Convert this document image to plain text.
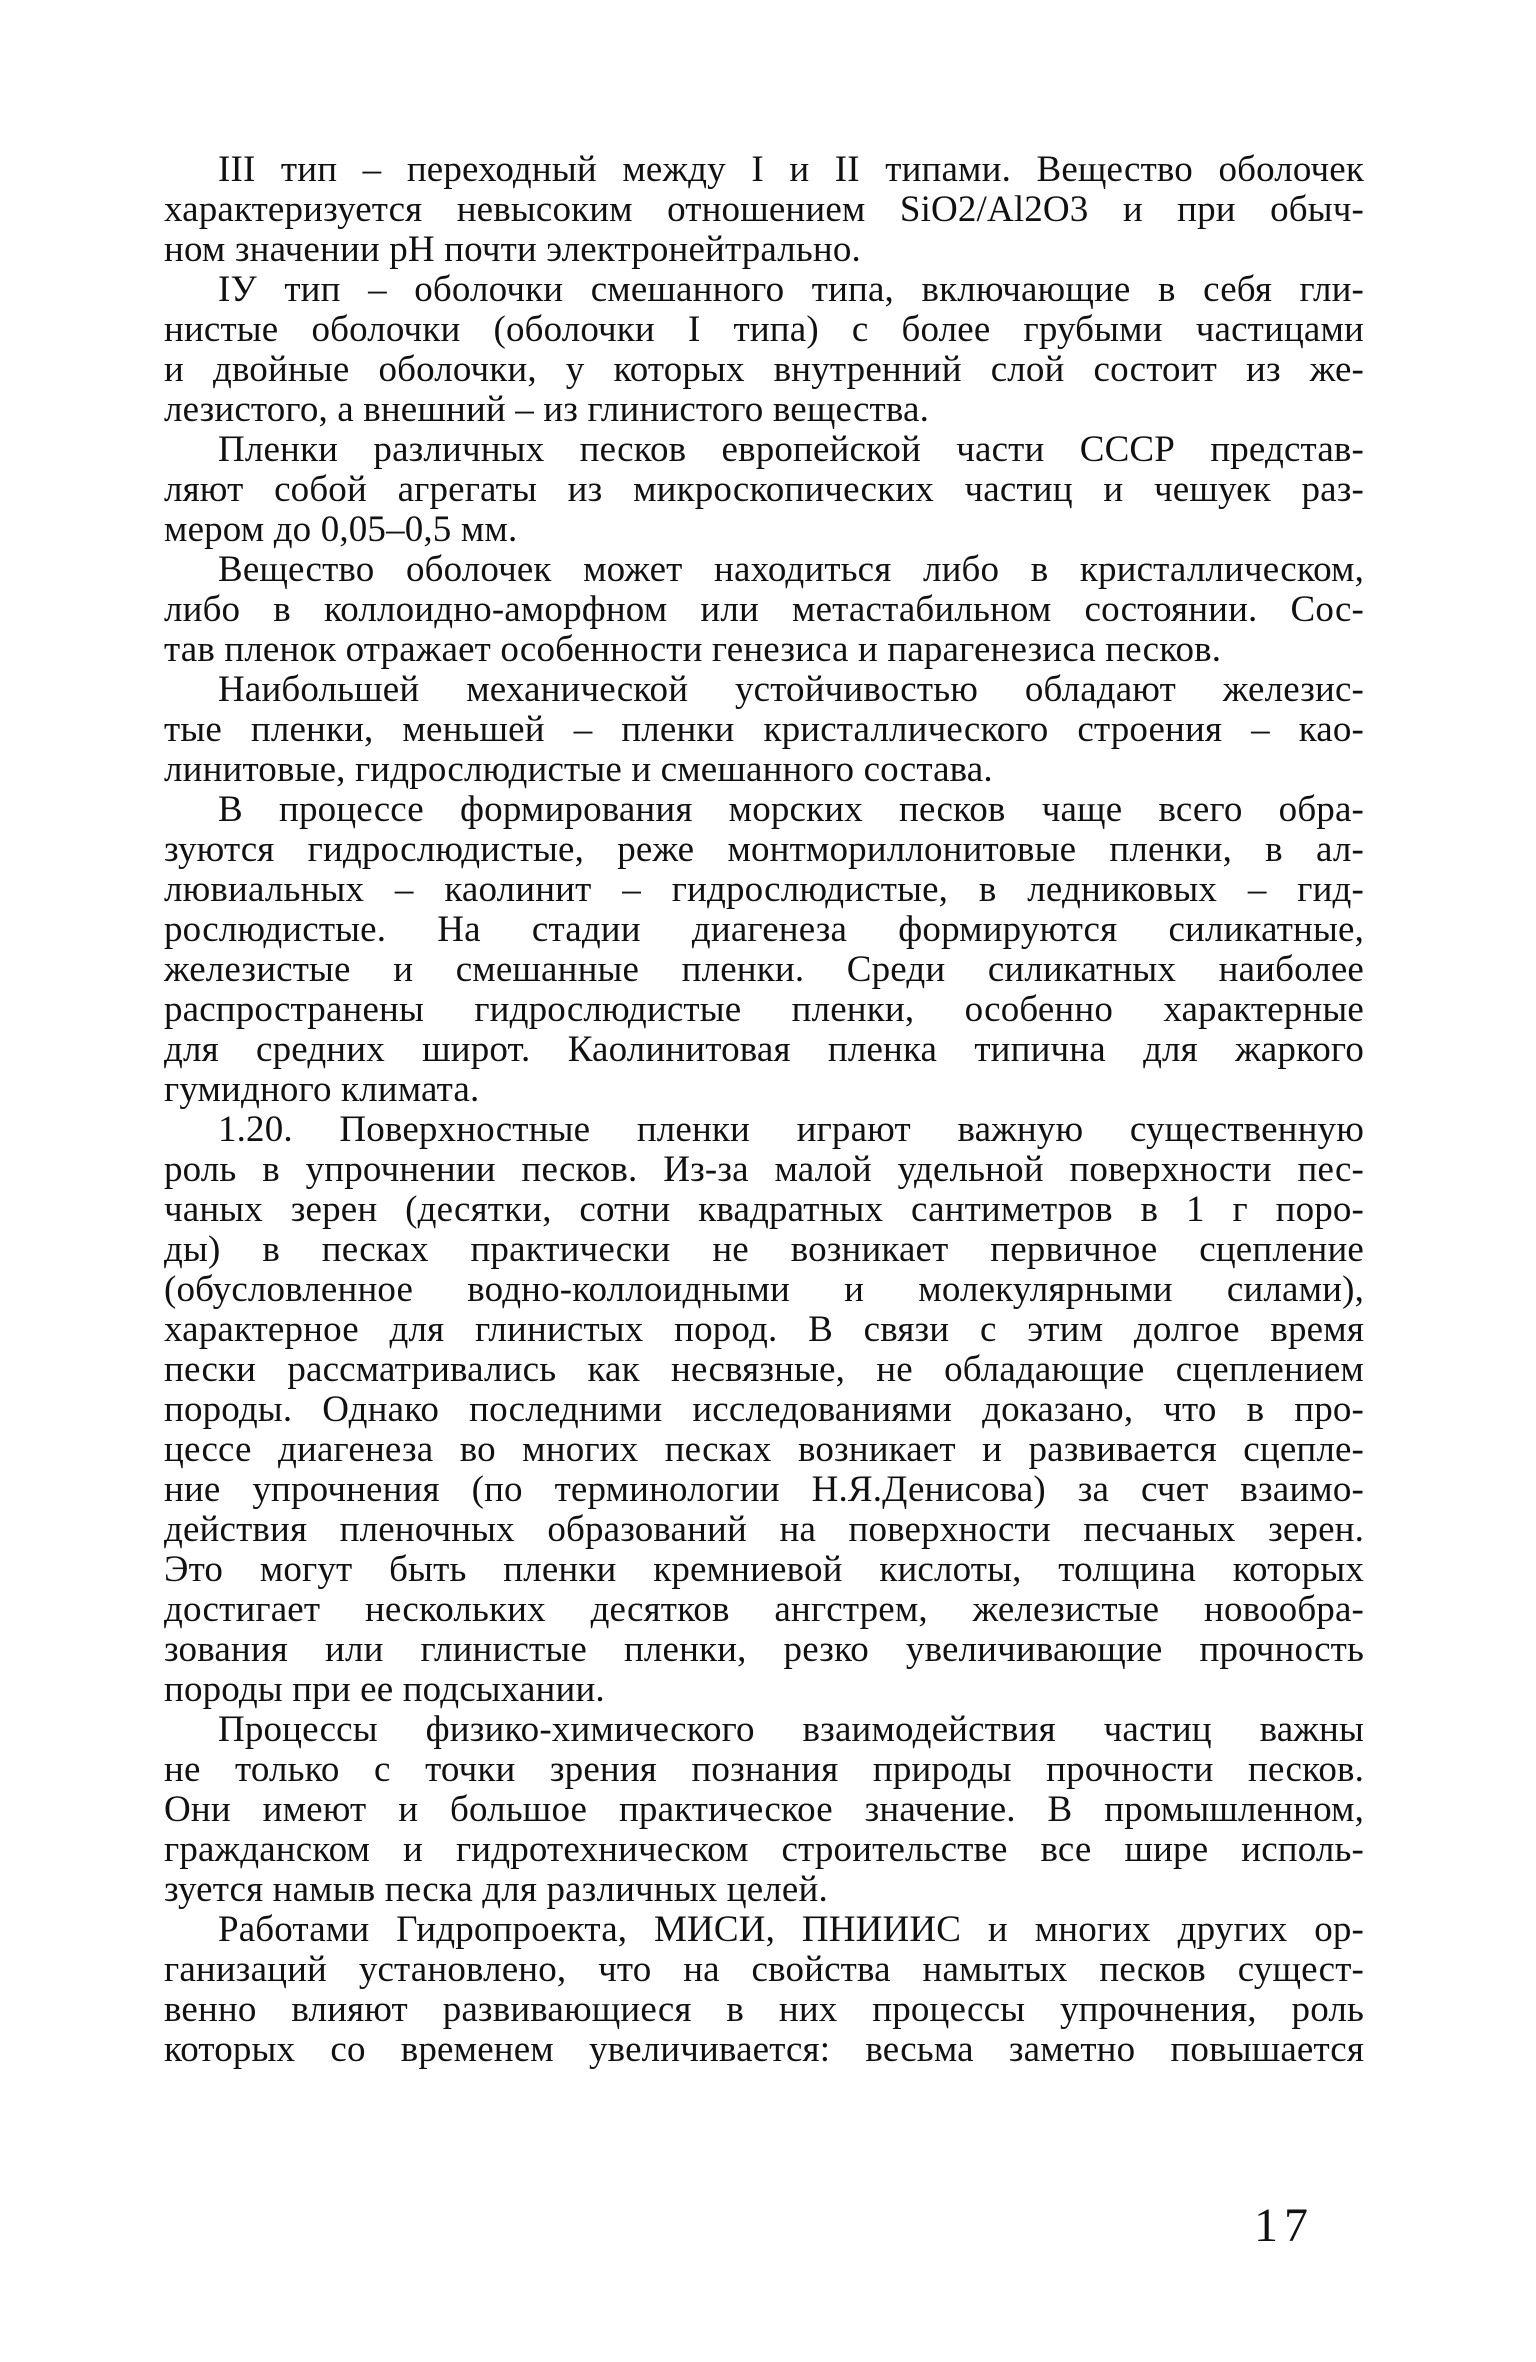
III тип – переходный между I и II типами. Вещество оболочек
характеризуется невысоким отношением SiO2/Al2O3 и при обыч-
ном значении pH почти электронейтрально.
IУ тип – оболочки смешанного типа, включающие в себя гли-
нистые оболочки (оболочки I типа) с более грубыми частицами
и двойные оболочки, у которых внутренний слой состоит из же-
лезистого, а внешний – из глинистого вещества.
Пленки различных песков европейской части СССР представ-
ляют собой агрегаты из микроскопических частиц и чешуек раз-
мером до 0,05–0,5 мм.
Вещество оболочек может находиться либо в кристаллическом,
либо в коллоидно-аморфном или метастабильном состоянии. Сос-
тав пленок отражает особенности генезиса и парагенезиса песков.
Наибольшей механической устойчивостью обладают железис-
тые пленки, меньшей – пленки кристаллического строения – као-
линитовые, гидрослюдистые и смешанного состава.
В процессе формирования морских песков чаще всего обра-
зуются гидрослюдистые, реже монтмориллонитовые пленки, в ал-
лювиальных – каолинит – гидрослюдистые, в ледниковых – гид-
рослюдистые. На стадии диагенеза формируются силикатные,
железистые и смешанные пленки. Среди силикатных наиболее
распространены гидрослюдистые пленки, особенно характерные
для средних широт. Каолинитовая пленка типична для жаркого
гумидного климата.
1.20. Поверхностные пленки играют важную существенную
роль в упрочнении песков. Из-за малой удельной поверхности пес-
чаных зерен (десятки, сотни квадратных сантиметров в 1 г поро-
ды) в песках практически не возникает первичное сцепление
(обусловленное водно-коллоидными и молекулярными силами),
характерное для глинистых пород. В связи с этим долгое время
пески рассматривались как несвязные, не обладающие сцеплением
породы. Однако последними исследованиями доказано, что в про-
цессе диагенеза во многих песках возникает и развивается сцепле-
ние упрочнения (по терминологии Н.Я.Денисова) за счет взаимо-
действия пленочных образований на поверхности песчаных зерен.
Это могут быть пленки кремниевой кислоты, толщина которых
достигает нескольких десятков ангстрем, железистые новообра-
зования или глинистые пленки, резко увеличивающие прочность
породы при ее подсыхании.
Процессы физико-химического взаимодействия частиц важны
не только с точки зрения познания природы прочности песков.
Они имеют и большое практическое значение. В промышленном,
гражданском и гидротехническом строительстве все шире исполь-
зуется намыв песка для различных целей.
Работами Гидропроекта, МИСИ, ПНИИИС и многих других ор-
ганизаций установлено, что на свойства намытых песков сущест-
венно влияют развивающиеся в них процессы упрочнения, роль
которых со временем увеличивается: весьма заметно повышается
17
